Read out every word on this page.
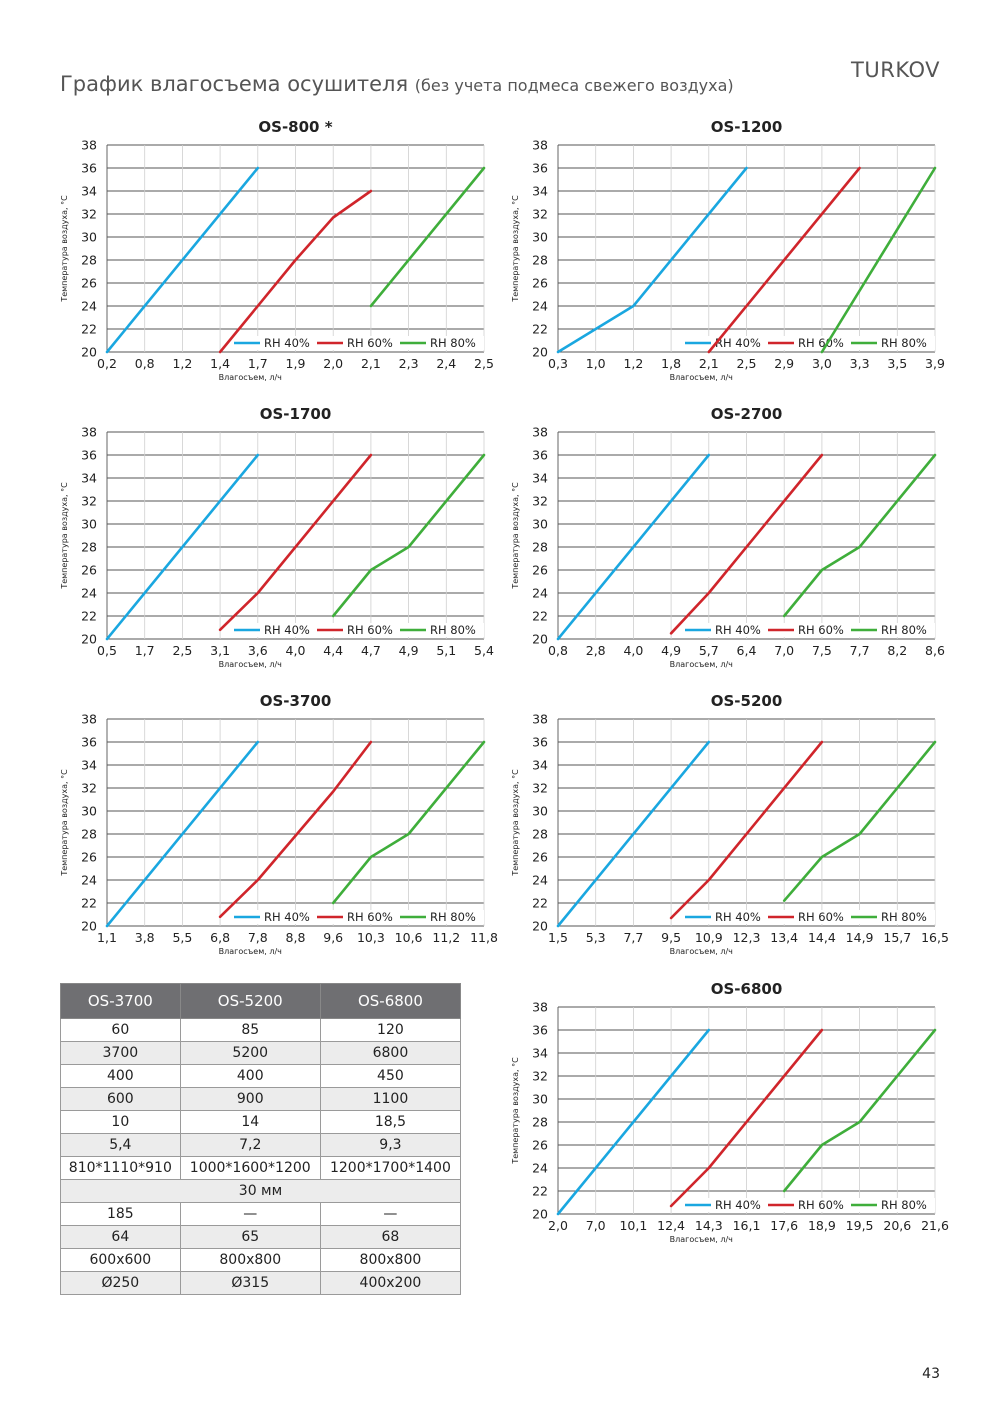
График влагосъема осушителя (без учета подмеса свежего воздуха)
TURKOV
OS-800 *
20
22
24
26
28
30
32
34
36
38
0,2 0,8 1,2 1,4 1,7 1,9 2,0 2,1 2,3 2,4 2,5
Влагосъем, л/ч
Температура воздуха, °С
RH 40%	RH 60%	RH 80%
OS-1200
20
22
24
26
28
30
32
34
36
38
0,3 1,0 1,2 1,8 2,1 2,5 2,9 3,0 3,3 3,5 3,9
Влагосъем, л/ч
Температура воздуха, °С
RH 40%	RH 60%	RH 80%
OS-1700
20
22
24
26
28
30
32
34
36
38
0,5 1,7 2,5 3,1 3,6 4,0 4,4 4,7 4,9 5,1 5,4
Влагосъем, л/ч
Температура воздуха, °С
RH 40%	RH 60%	RH 80%
OS-2700
20
22
24
26
28
30
32
34
36
38
0,8 2,8 4,0 4,9 5,7 6,4 7,0 7,5 7,7 8,2 8,6
Влагосъем, л/ч
Температура воздуха, °С
RH 40%	RH 60%	RH 80%
OS-3700
20
22
24
26
28
30
32
34
36
38
1,1 3,8 5,5 6,8 7,8 8,8 9,6 10,3 10,6 11,2 11,8
Влагосъем, л/ч
Температура воздуха, °С
RH 40%	RH 60%	RH 80%
OS-5200
20
22
24
26
28
30
32
34
36
38
1,5 5,3 7,7 9,5 10,9 12,3 13,4 14,4 14,9 15,7 16,5
Влагосъем, л/ч
Температура воздуха, °С
RH 40%	RH 60%	RH 80%
OS-6800
20
22
24
26
28
30
32
34
36
38
2,0 7,0 10,1 12,4 14,3 16,1 17,6 18,9 19,5 20,6 21,6
Влагосъем, л/ч
Температура воздуха, °С
RH 40%	RH 60%	RH 80%
OS-3700	OS-5200	OS-6800
60	85	120
3700	5200	6800
400	400	450
600	900	1100
10	14	18,5
5,4	7,2	9,3
810*1110*910	1000*1600*1200	1200*1700*1400
30 мм		
185	—	—
64	65	68
600х600	800х800	800х800
Ø250	Ø315	400х200
43
